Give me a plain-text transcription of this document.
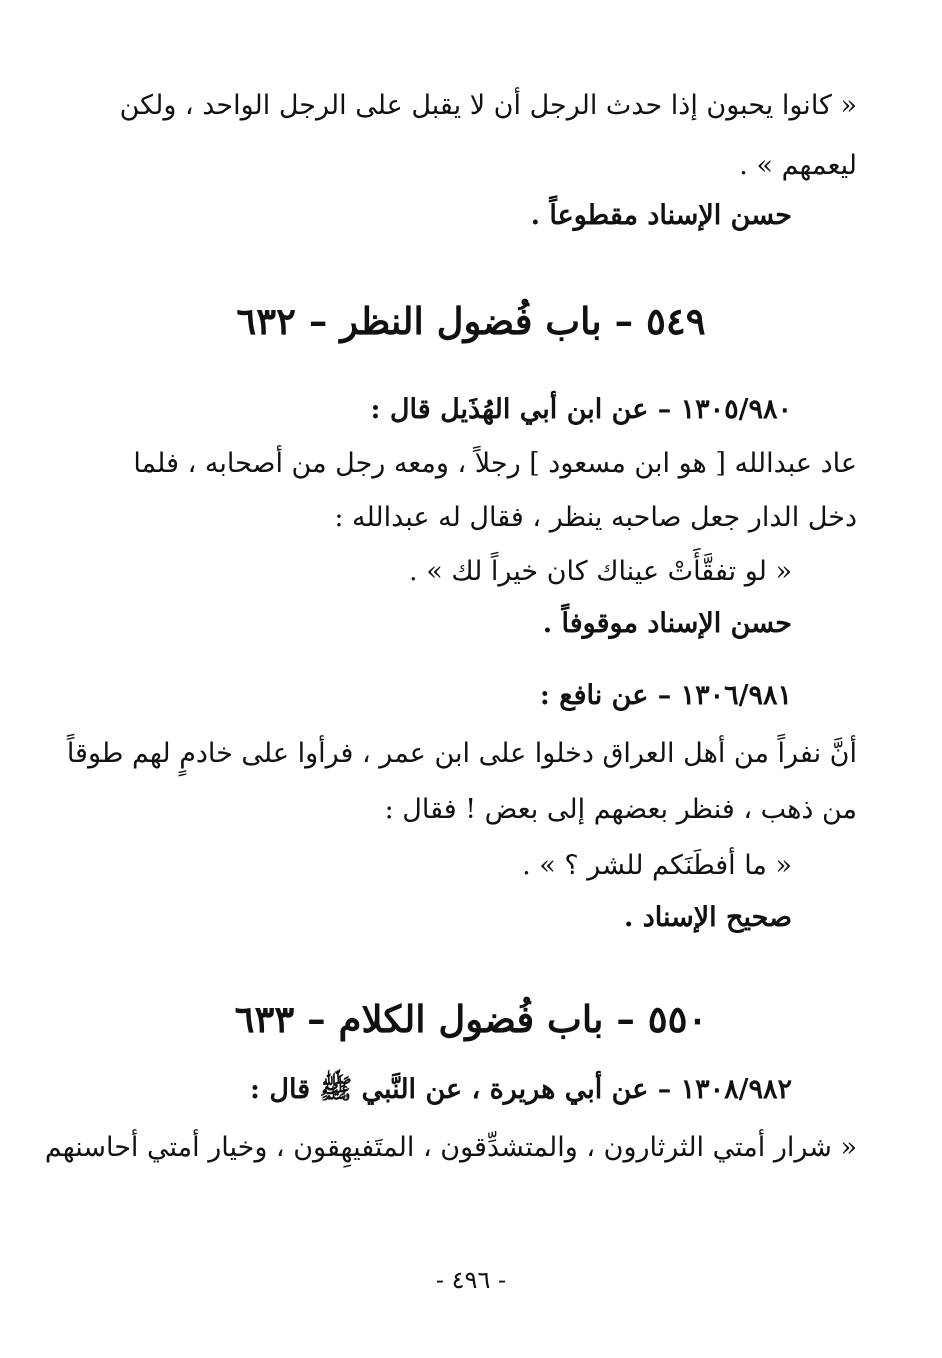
« كانوا يحبون إذا حدث الرجل أن لا يقبل على الرجل الواحد ، ولكن
ليعمهم » .
حسن الإسناد مقطوعاً .
٥٤٩ – باب فُضول النظر – ٦٣٢
١٣٠٥/٩٨٠ – عن ابن أبي الهُذَيل قال :
عاد عبدالله [ هو ابن مسعود ] رجلاً ، ومعه رجل من أصحابه ، فلما
دخل الدار جعل صاحبه ينظر ، فقال له عبدالله :
« لو تفقَّأَتْ عيناك كان خيراً لك » .
حسن الإسناد موقوفاً .
١٣٠٦/٩٨١ – عن نافع :
أنَّ نفراً من أهل العراق دخلوا على ابن عمر ، فرأوا على خادمٍ لهم طوقاً
من ذهب ، فنظر بعضهم إلى بعض ! فقال :
« ما أفطَنَكم للشر ؟ » .
صحيح الإسناد .
٥٥٠ – باب فُضول الكلام – ٦٣٣
١٣٠٨/٩٨٢ – عن أبي هريرة ، عن النَّبي ﷺ قال :
« شرار أمتي الثرثارون ، والمتشدِّقون ، المتَفيهِقون ، وخيار أمتي أحاسنهم
- ٤٩٦ -
